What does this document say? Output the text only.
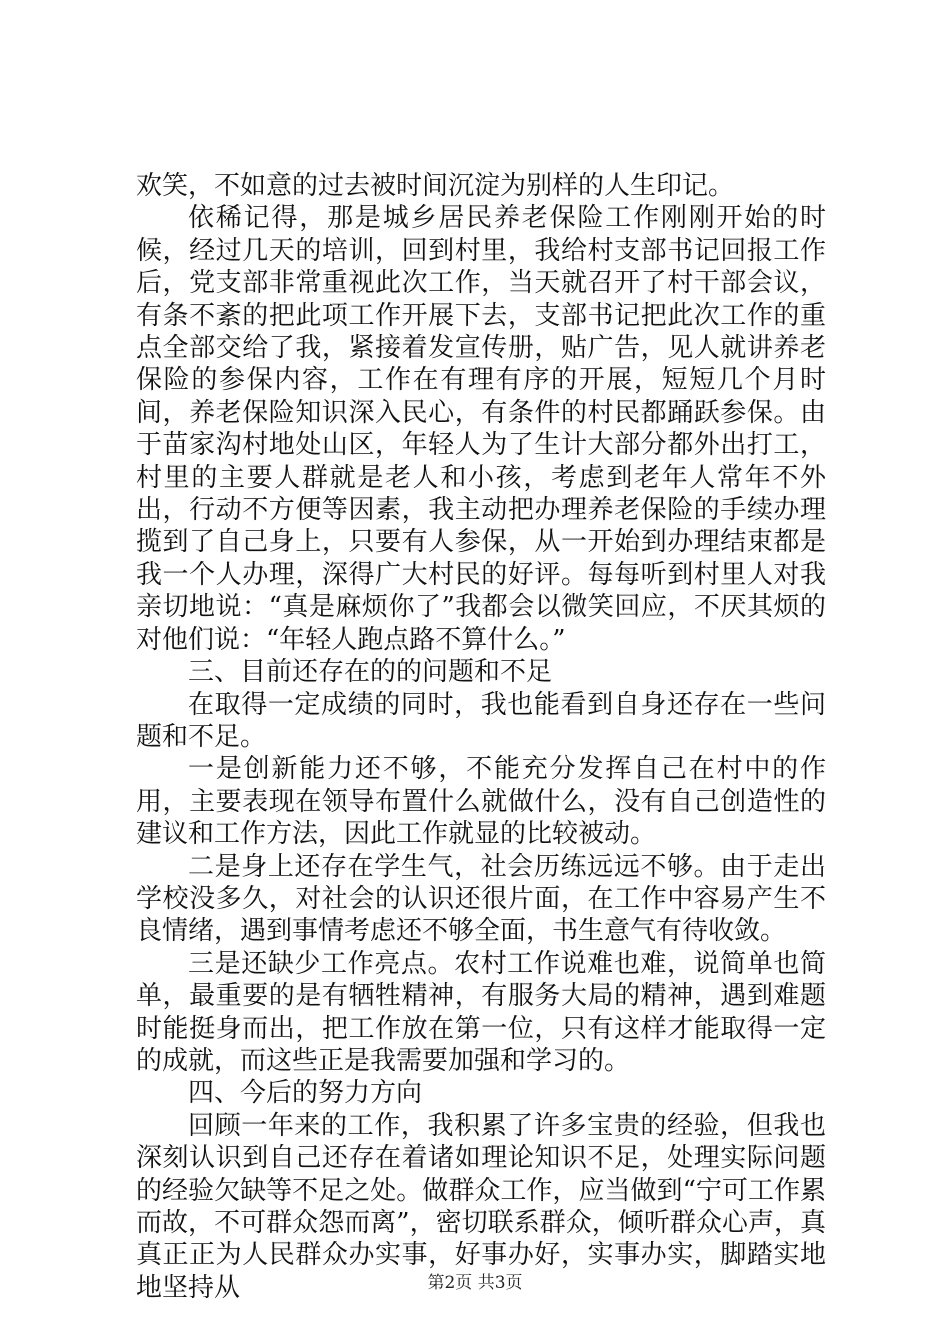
欢笑，不如意的过去被时间沉淀为别样的人生印记。

依稀记得，那是城乡居民养老保险工作刚刚开始的时候，经过几天的培训，回到村里，我给村支部书记回报工作后，党支部非常重视此次工作，当天就召开了村干部会议，有条不紊的把此项工作开展下去，支部书记把此次工作的重点全部交给了我，紧接着发宣传册，贴广告，见人就讲养老保险的参保内容，工作在有理有序的开展，短短几个月时间，养老保险知识深入民心，有条件的村民都踊跃参保。由于苗家沟村地处山区，年轻人为了生计大部分都外出打工，村里的主要人群就是老人和小孩，考虑到老年人常年不外出，行动不方便等因素，我主动把办理养老保险的手续办理揽到了自己身上，只要有人参保，从一开始到办理结束都是我一个人办理，深得广大村民的好评。每每听到村里人对我亲切地说：“真是麻烦你了”我都会以微笑回应，不厌其烦的对他们说：“年轻人跑点路不算什么。”

三、目前还存在的的问题和不足

在取得一定成绩的同时，我也能看到自身还存在一些问题和不足。

一是创新能力还不够，不能充分发挥自己在村中的作用，主要表现在领导布置什么就做什么，没有自己创造性的建议和工作方法，因此工作就显的比较被动。

二是身上还存在学生气，社会历练远远不够。由于走出学校没多久，对社会的认识还很片面，在工作中容易产生不良情绪，遇到事情考虑还不够全面，书生意气有待收敛。

三是还缺少工作亮点。农村工作说难也难，说简单也简单，最重要的是有牺牲精神，有服务大局的精神，遇到难题时能挺身而出，把工作放在第一位，只有这样才能取得一定的成就，而这些正是我需要加强和学习的。

四、今后的努力方向

回顾一年来的工作，我积累了许多宝贵的经验，但我也深刻认识到自己还存在着诸如理论知识不足，处理实际问题的经验欠缺等不足之处。做群众工作，应当做到“宁可工作累而故，不可群众怨而离”，密切联系群众，倾听群众心声，真真正正为人民群众办实事，好事办好，实事办实，脚踏实地地坚持从	第2页 共3页
